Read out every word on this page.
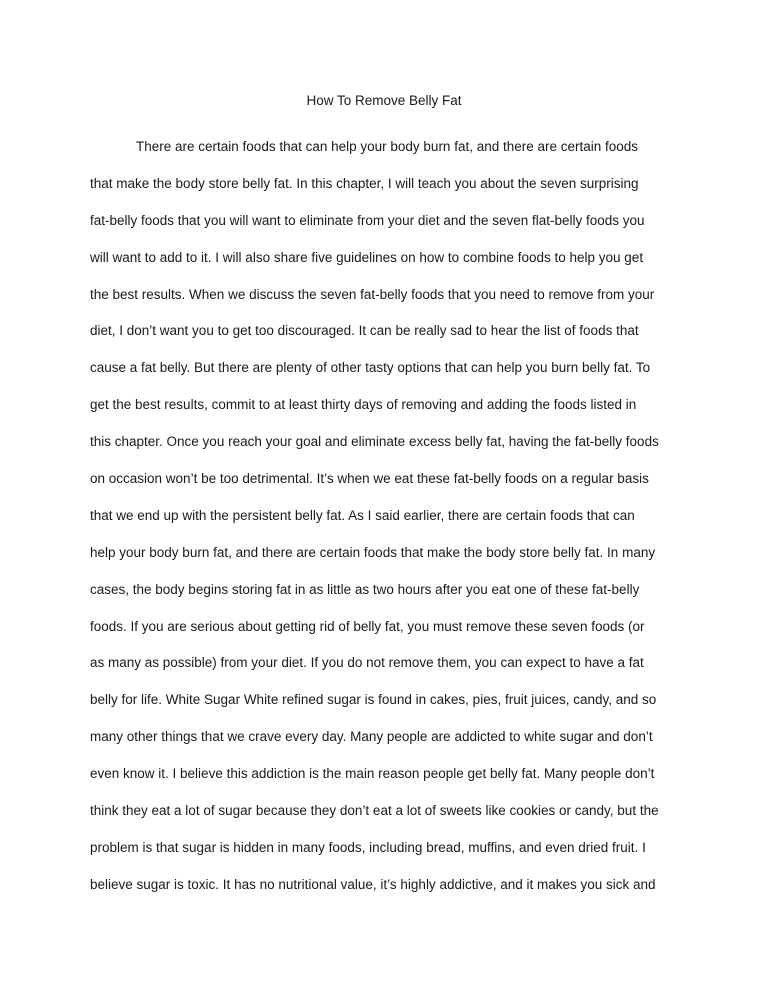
How To Remove Belly Fat
There are certain foods that can help your body burn fat, and there are certain foods
that make the body store belly fat. In this chapter, I will teach you about the seven surprising
fat-belly foods that you will want to eliminate from your diet and the seven flat-belly foods you
will want to add to it. I will also share five guidelines on how to combine foods to help you get
the best results. When we discuss the seven fat-belly foods that you need to remove from your
diet, I don’t want you to get too discouraged. It can be really sad to hear the list of foods that
cause a fat belly. But there are plenty of other tasty options that can help you burn belly fat. To
get the best results, commit to at least thirty days of removing and adding the foods listed in
this chapter. Once you reach your goal and eliminate excess belly fat, having the fat-belly foods
on occasion won’t be too detrimental. It’s when we eat these fat-belly foods on a regular basis
that we end up with the persistent belly fat. As I said earlier, there are certain foods that can
help your body burn fat, and there are certain foods that make the body store belly fat. In many
cases, the body begins storing fat in as little as two hours after you eat one of these fat-belly
foods. If you are serious about getting rid of belly fat, you must remove these seven foods (or
as many as possible) from your diet. If you do not remove them, you can expect to have a fat
belly for life. White Sugar White refined sugar is found in cakes, pies, fruit juices, candy, and so
many other things that we crave every day. Many people are addicted to white sugar and don’t
even know it. I believe this addiction is the main reason people get belly fat. Many people don’t
think they eat a lot of sugar because they don’t eat a lot of sweets like cookies or candy, but the
problem is that sugar is hidden in many foods, including bread, muffins, and even dried fruit. I
believe sugar is toxic. It has no nutritional value, it’s highly addictive, and it makes you sick and
